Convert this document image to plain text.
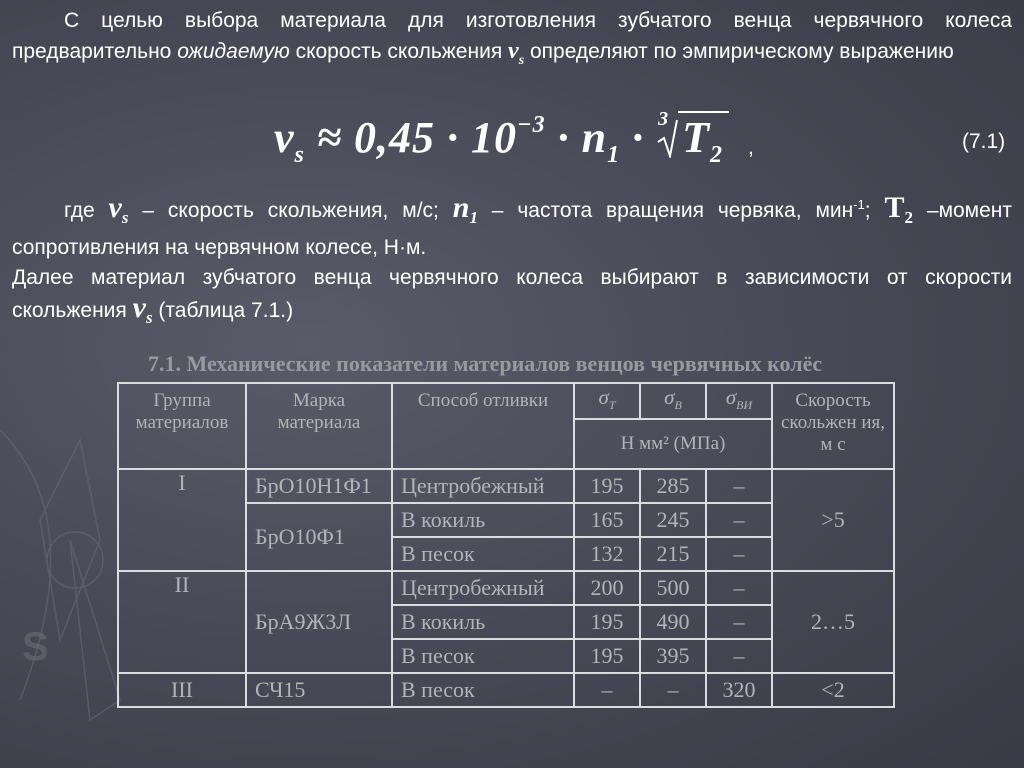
S
С целью выбора материала для изготовления зубчатого венца червячного колеса предварительно ожидаемую скорость скольжения $v_s$ определяют по эмпирическому выражению
$v_s \approx 0,45 \cdot 10^{-3} \cdot n_1 \cdot 3$ $T_2$ ,	(7.1)
где $v_s$ – скорость скольжения, м/с; $n_1$ – частота вращения червяка, мин$^{-1}$; $T_2$ –момент сопротивления на червячном колесе, Н·м.
Далее материал зубчатого венца червячного колеса выбирают в зависимости от скорости скольжения $v_s$ (таблица 7.1.)
7.1. Механические показатели материалов венцов червячных колёс
Группа материалов	Марка материала	Способ отливки	$\sigma_Т$	$\sigma_В$	$\sigma_{ВИ}$	Скорость скольжен ия, м с
			Н мм² (МПа)			
I	БрО10Н1Ф1	Центробежный	195	285	–	>5
	БрО10Ф1	В кокиль	165	245	–	
		В песок	132	215	–	
II	БрА9Ж3Л	Центробежный	200	500	–	2…5
		В кокиль	195	490	–	
		В песок	195	395	–	
III	СЧ15	В песок	–	–	320	<2
